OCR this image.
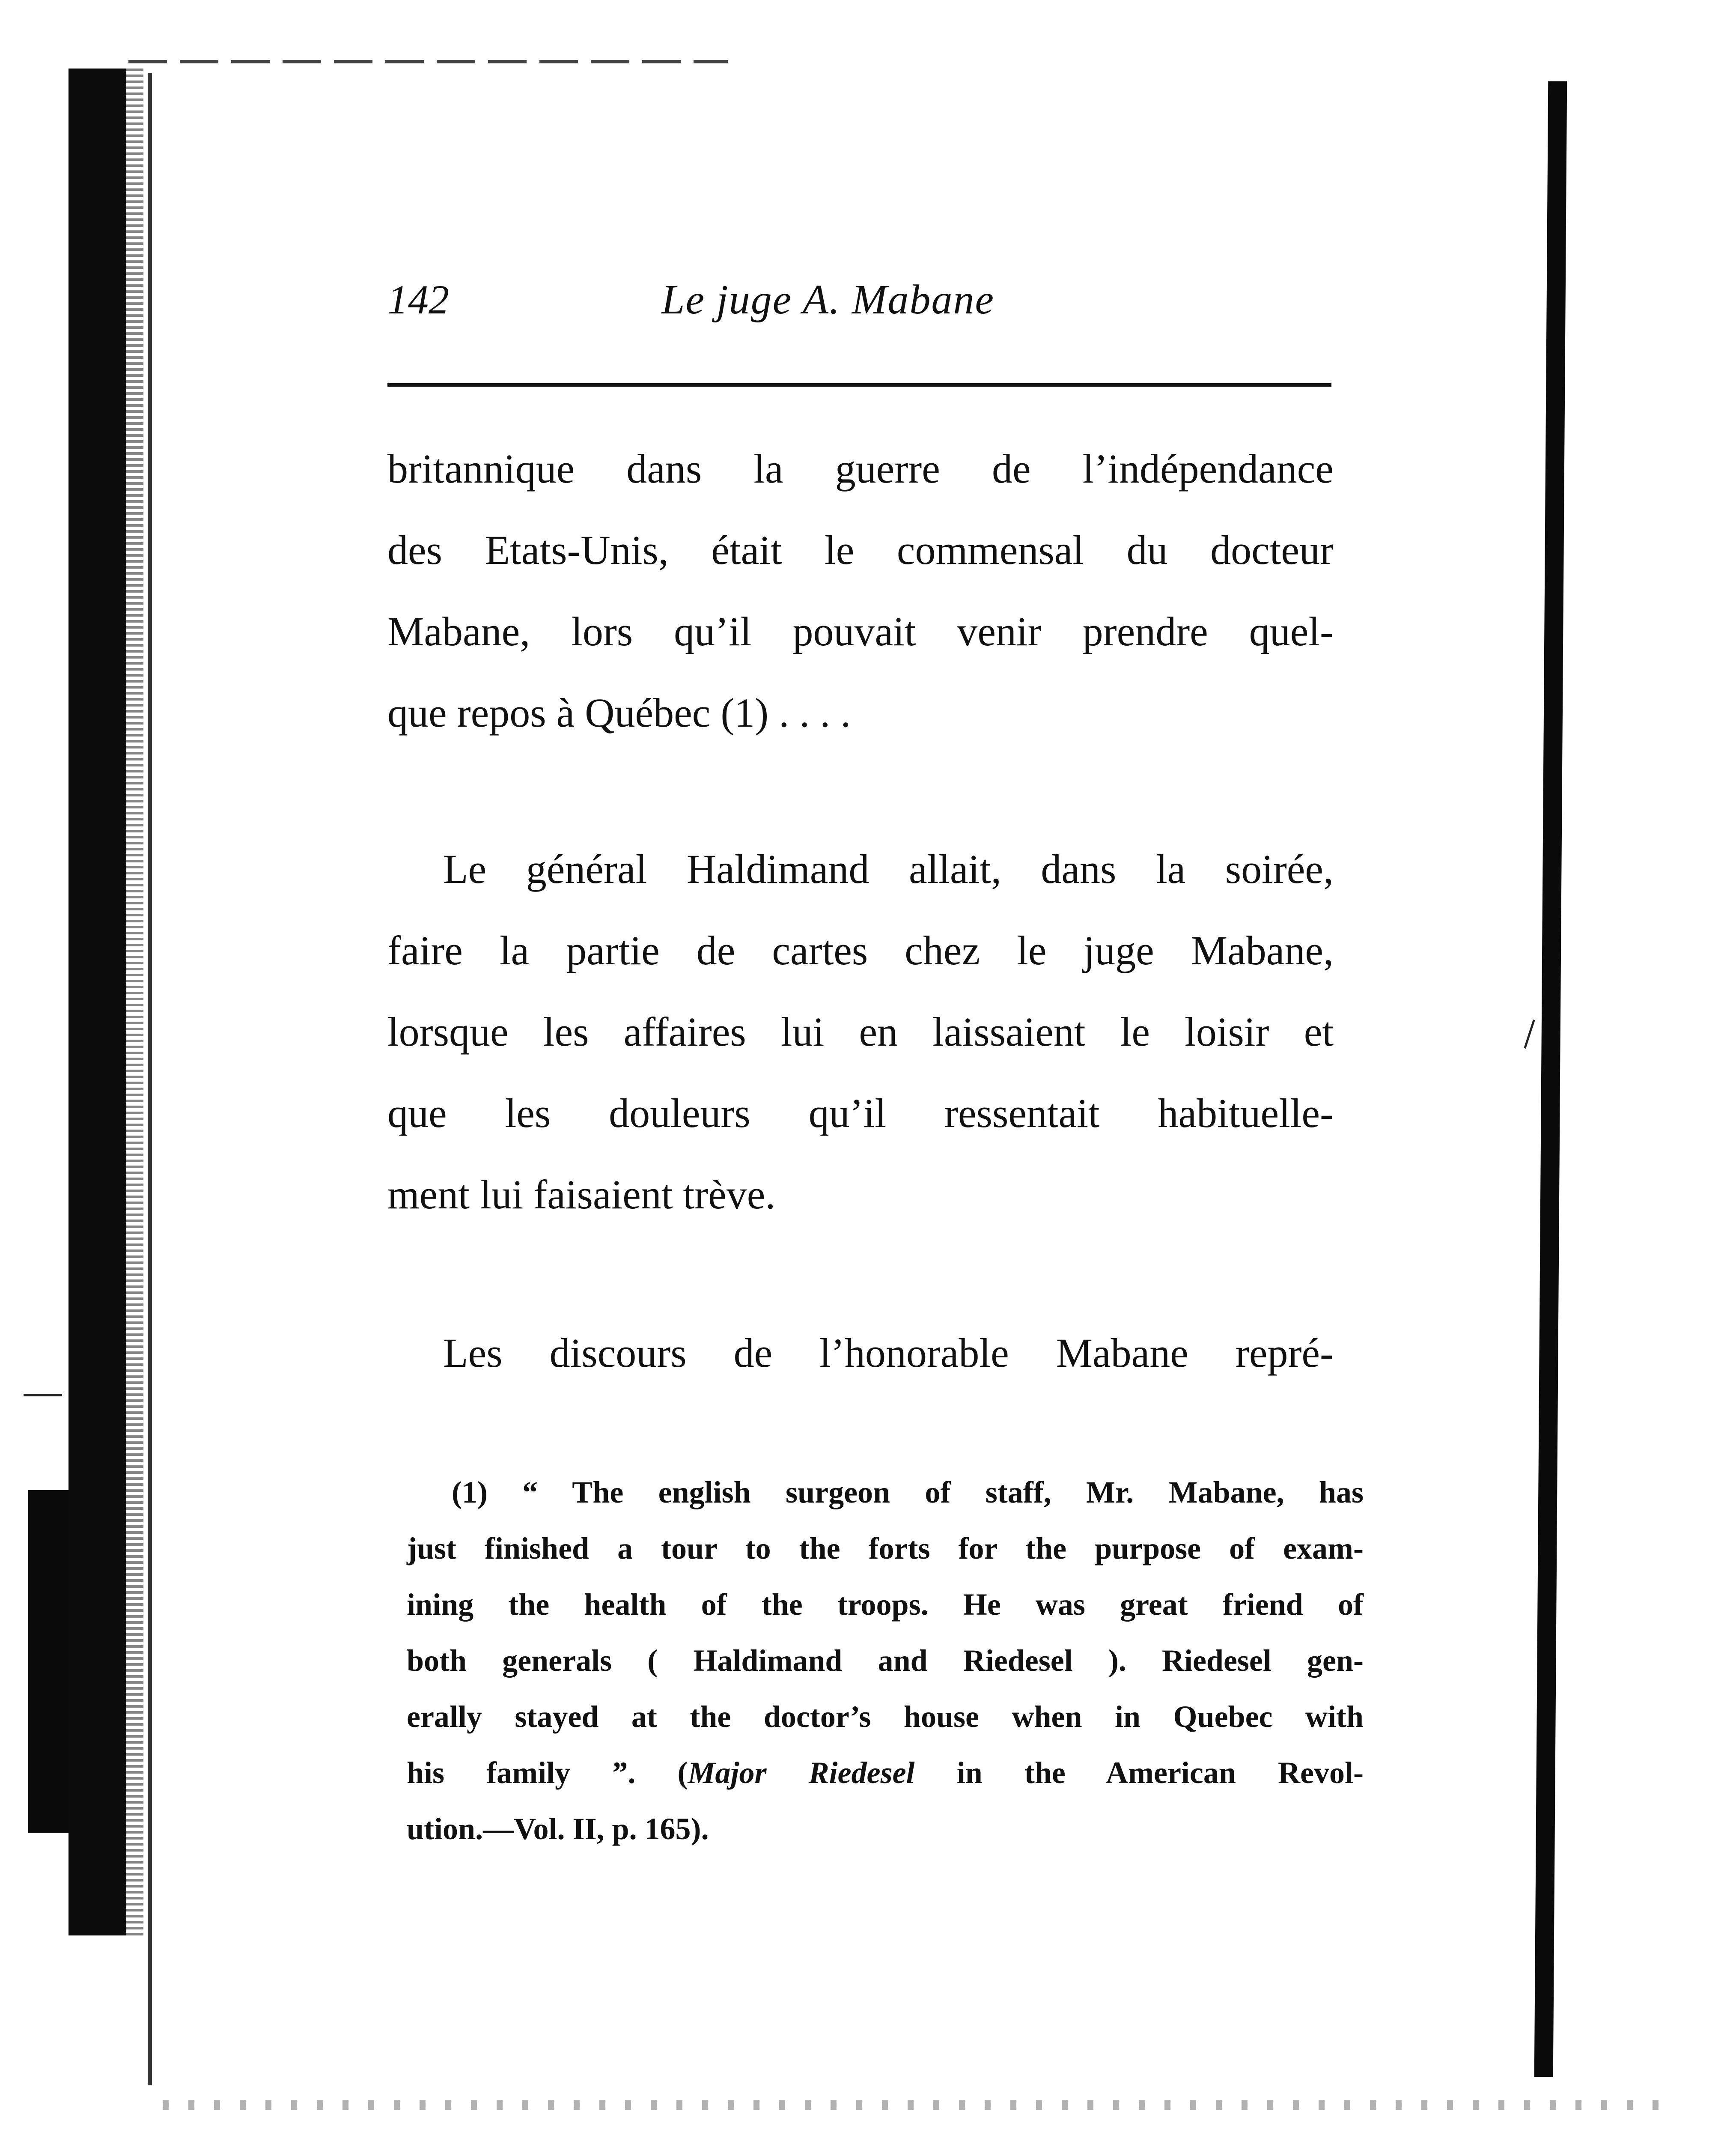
142	Le juge A. Mabane
britannique dans la guerre de l’indépendance
des Etats-Unis, était le commensal du docteur
Mabane, lors qu’il pouvait venir prendre quel-
que repos à Québec (1) . . . .
Le général Haldimand allait, dans la soirée,
faire la partie de cartes chez le juge Mabane,
lorsque les affaires lui en laissaient le loisir et
que les douleurs qu’il ressentait habituelle-
ment lui faisaient trève.
Les discours de l’honorable Mabane repré-
(1) “ The english surgeon of staff, Mr. Mabane, has
just finished a tour to the forts for the purpose of exam-
ining the health of the troops. He was great friend of
both generals ( Haldimand and Riedesel ). Riedesel gen-
erally stayed at the doctor’s house when in Quebec with
his family ”. (Major Riedesel in the American Revol-
ution.—Vol. II, p. 165).
